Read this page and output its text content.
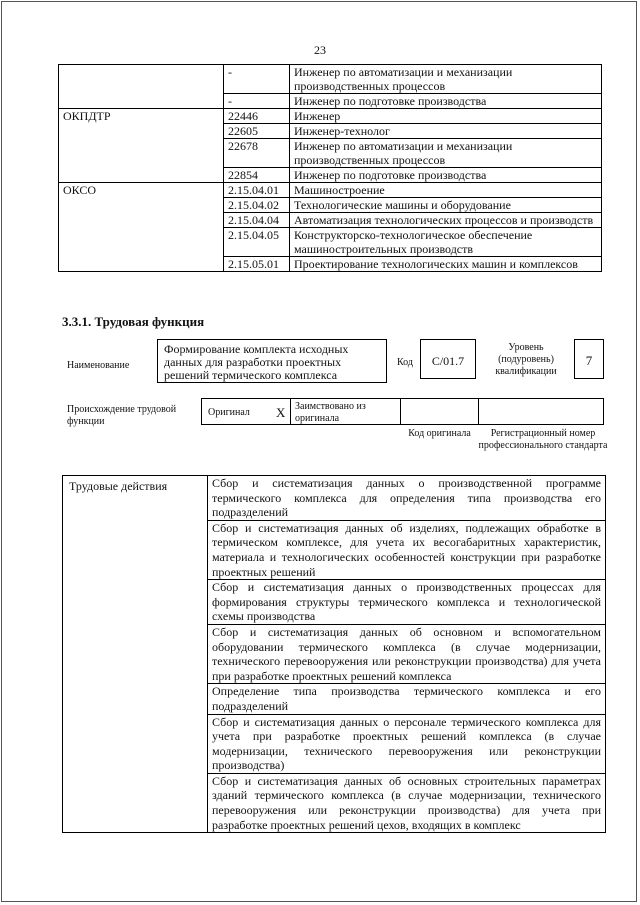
23
	-	Инженер по автоматизации и механизации производственных процессов
	-	Инженер по подготовке производства
ОКПДТР	22446	Инженер
	22605	Инженер-технолог
	22678	Инженер по автоматизации и механизации производственных процессов
	22854	Инженер по подготовке производства
ОКСО	2.15.04.01	Машиностроение
	2.15.04.02	Технологические машины и оборудование
	2.15.04.04	Автоматизация технологических процессов и производств
	2.15.04.05	Конструкторско-технологическое обеспечение машиностроительных производств
	2.15.05.01	Проектирование технологических машин и комплексов
3.3.1. Трудовая функция
Наименование
Формирование комплекта исходных данных для разработки проектных решений термического комплекса
Код	С/01.7
Уровень (подуровень) квалификации
7
Происхождение трудовой функции
Оригинал X Заимствовано из оригинала
Код оригинала	Регистрационный номер профессионального стандарта
Трудовые действия	Сбор и систематизация данных о производственной программе термического комплекса для определения типа производства его подразделений
Сбор и систематизация данных об изделиях, подлежащих обработке в термическом комплексе, для учета их весогабаритных характеристик, материала и технологических особенностей конструкции при разработке проектных решений
Сбор и систематизация данных о производственных процессах для формирования структуры термического комплекса и технологической схемы производства
Сбор и систематизация данных об основном и вспомогательном оборудовании термического комплекса (в случае модернизации, технического перевооружения или реконструкции производства) для учета при разработке проектных решений комплекса
Определение типа производства термического комплекса и его подразделений
Сбор и систематизация данных о персонале термического комплекса для учета при разработке проектных решений комплекса (в случае модернизации, технического перевооружения или реконструкции производства)
Сбор и систематизация данных об основных строительных параметрах зданий термического комплекса (в случае модернизации, технического перевооружения или реконструкции производства) для учета при разработке проектных решений цехов, входящих в комплекс
